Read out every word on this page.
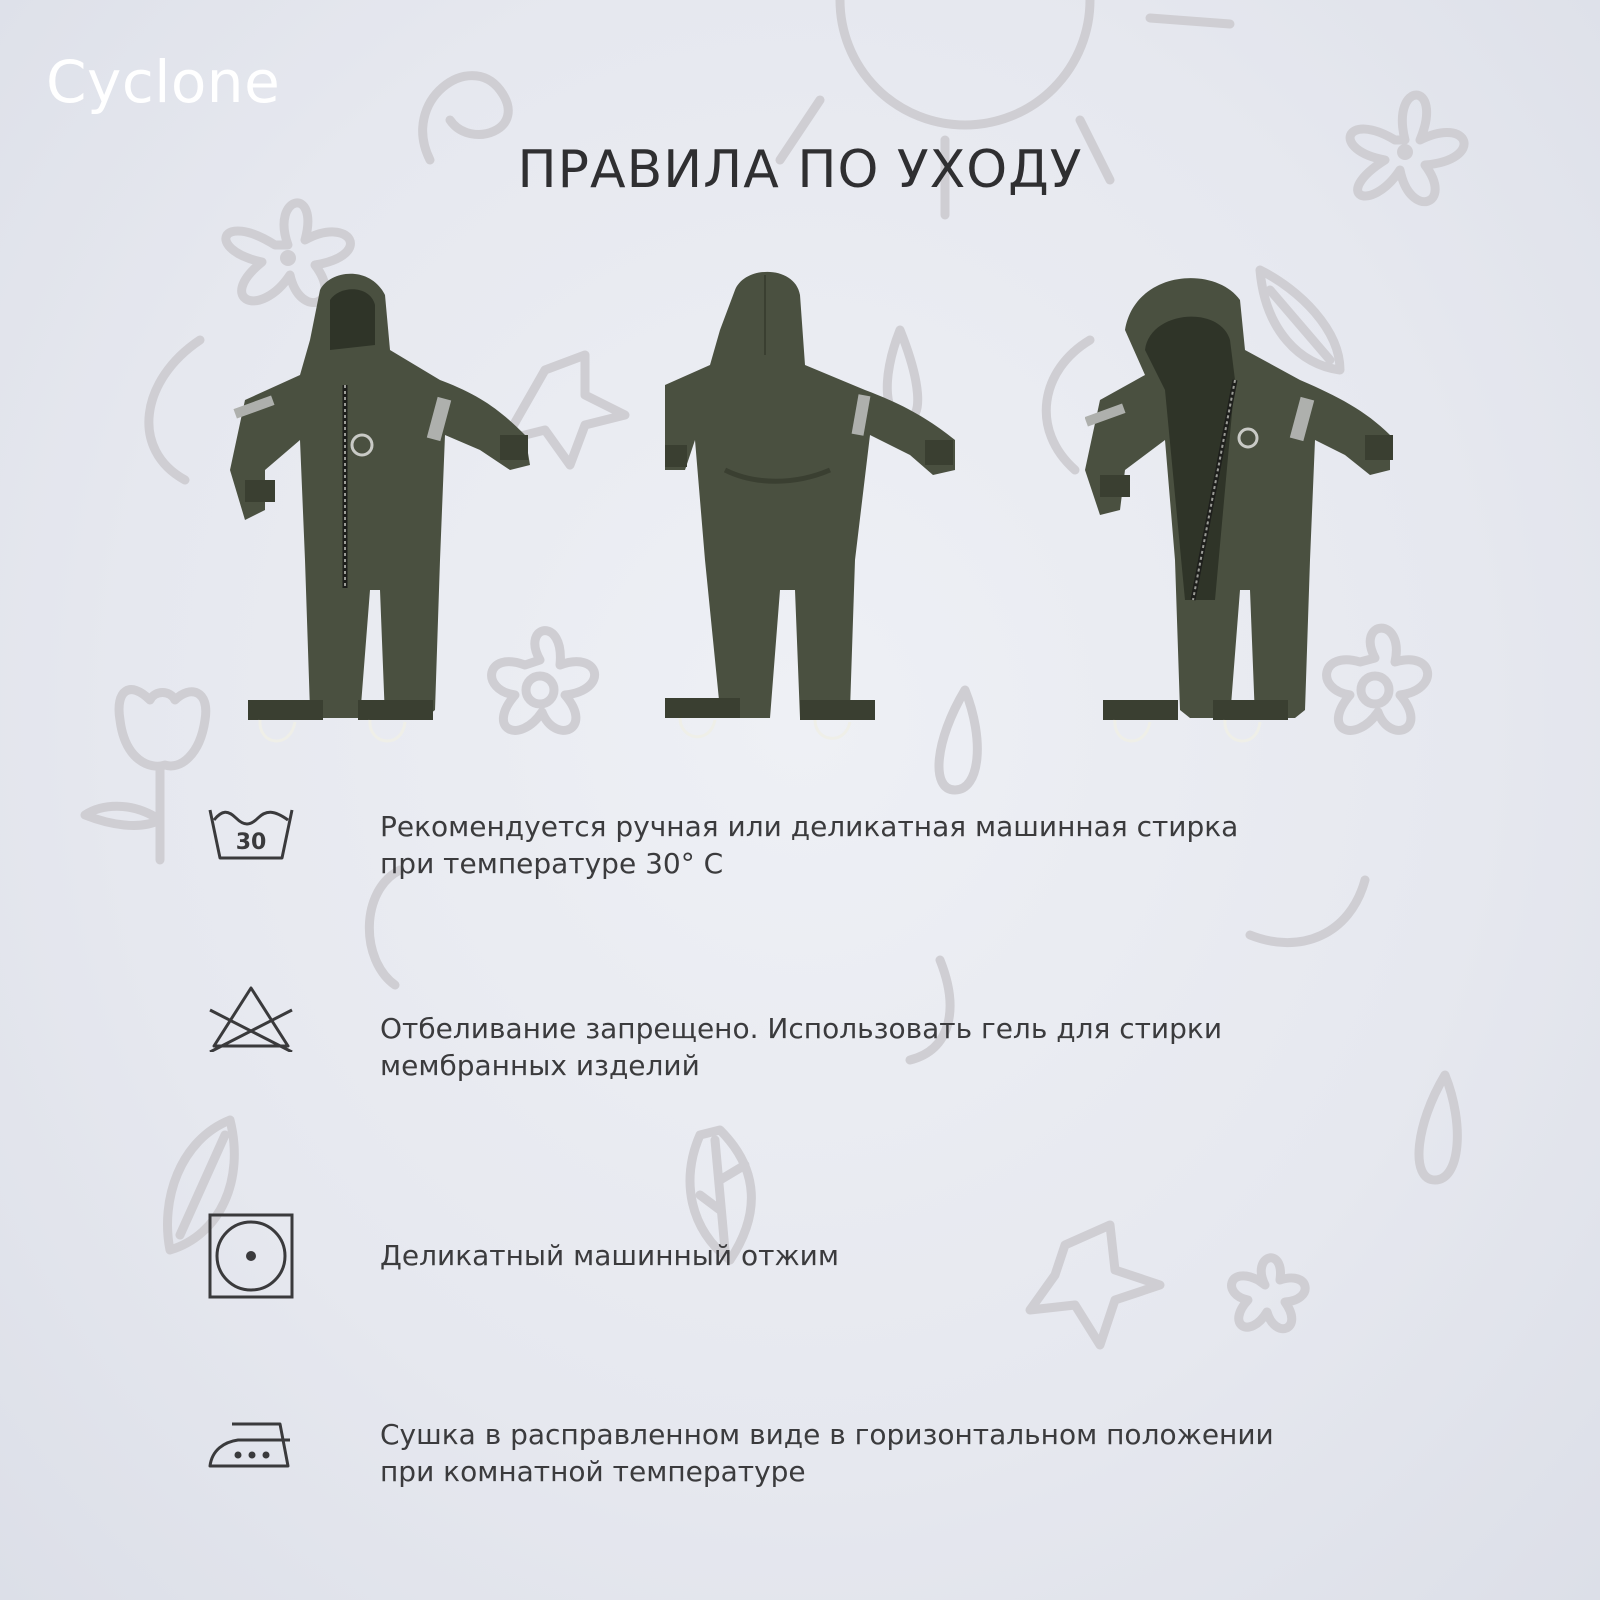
Cyclone
ПРАВИЛА ПО УХОДУ
30	Рекомендуется ручная или деликатная машинная стирка
при температуре 30° С

Отбеливание запрещено. Использовать гель для стирки
мембранных изделий

Деликатный машинный отжим

Сушка в расправленном виде в горизонтальном положении
при комнатной температуре
